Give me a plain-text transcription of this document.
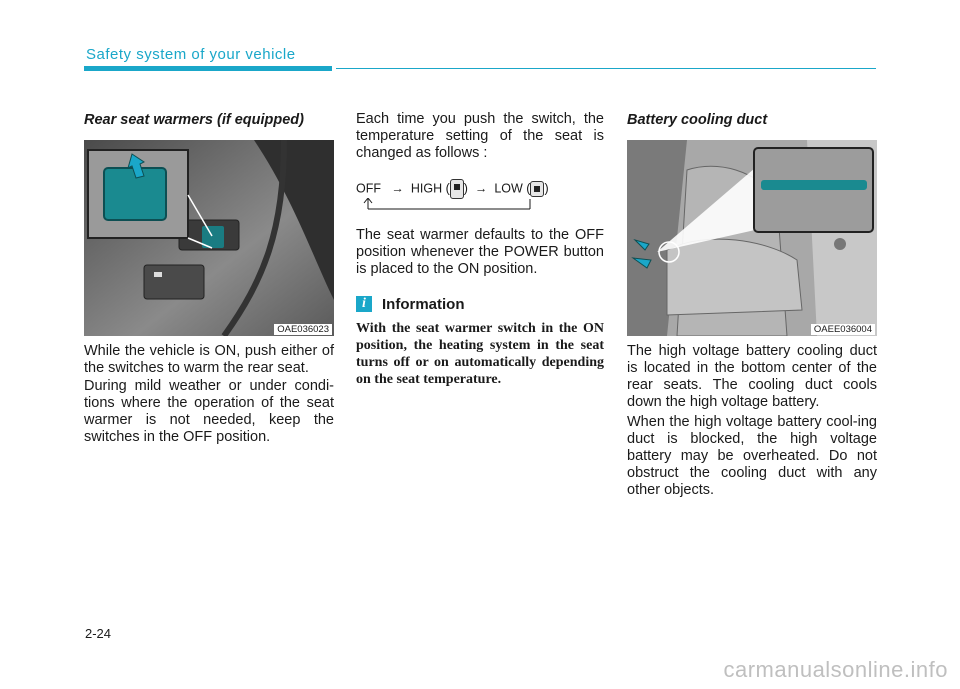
Safety system of your vehicle
Rear seat warmers (if equipped)
OAE036023

While the vehicle is ON, push either of the switches to warm the rear seat.

During mild weather or under condi-tions where the operation of the seat warmer is not needed, keep the switches in the OFF position.

Each time you push the switch, the temperature setting of the seat is changed as follows :

OFF → HIGH ( )  → LOW ( )

The seat warmer defaults to the OFF position whenever the POWER button is placed to the ON position.

i	Information

With the seat warmer switch in the ON position, the heating system in the seat turns off or on automatically depending on the seat temperature.

Battery cooling duct
OAEE036004

The high voltage battery cooling duct is located in the bottom center of the rear seats. The cooling duct cools down the high voltage battery.

When the high voltage battery cool-ing duct is blocked, the high voltage battery may be overheated. Do not obstruct the cooling duct with any other objects.

2-24
carmanualsonline.info
